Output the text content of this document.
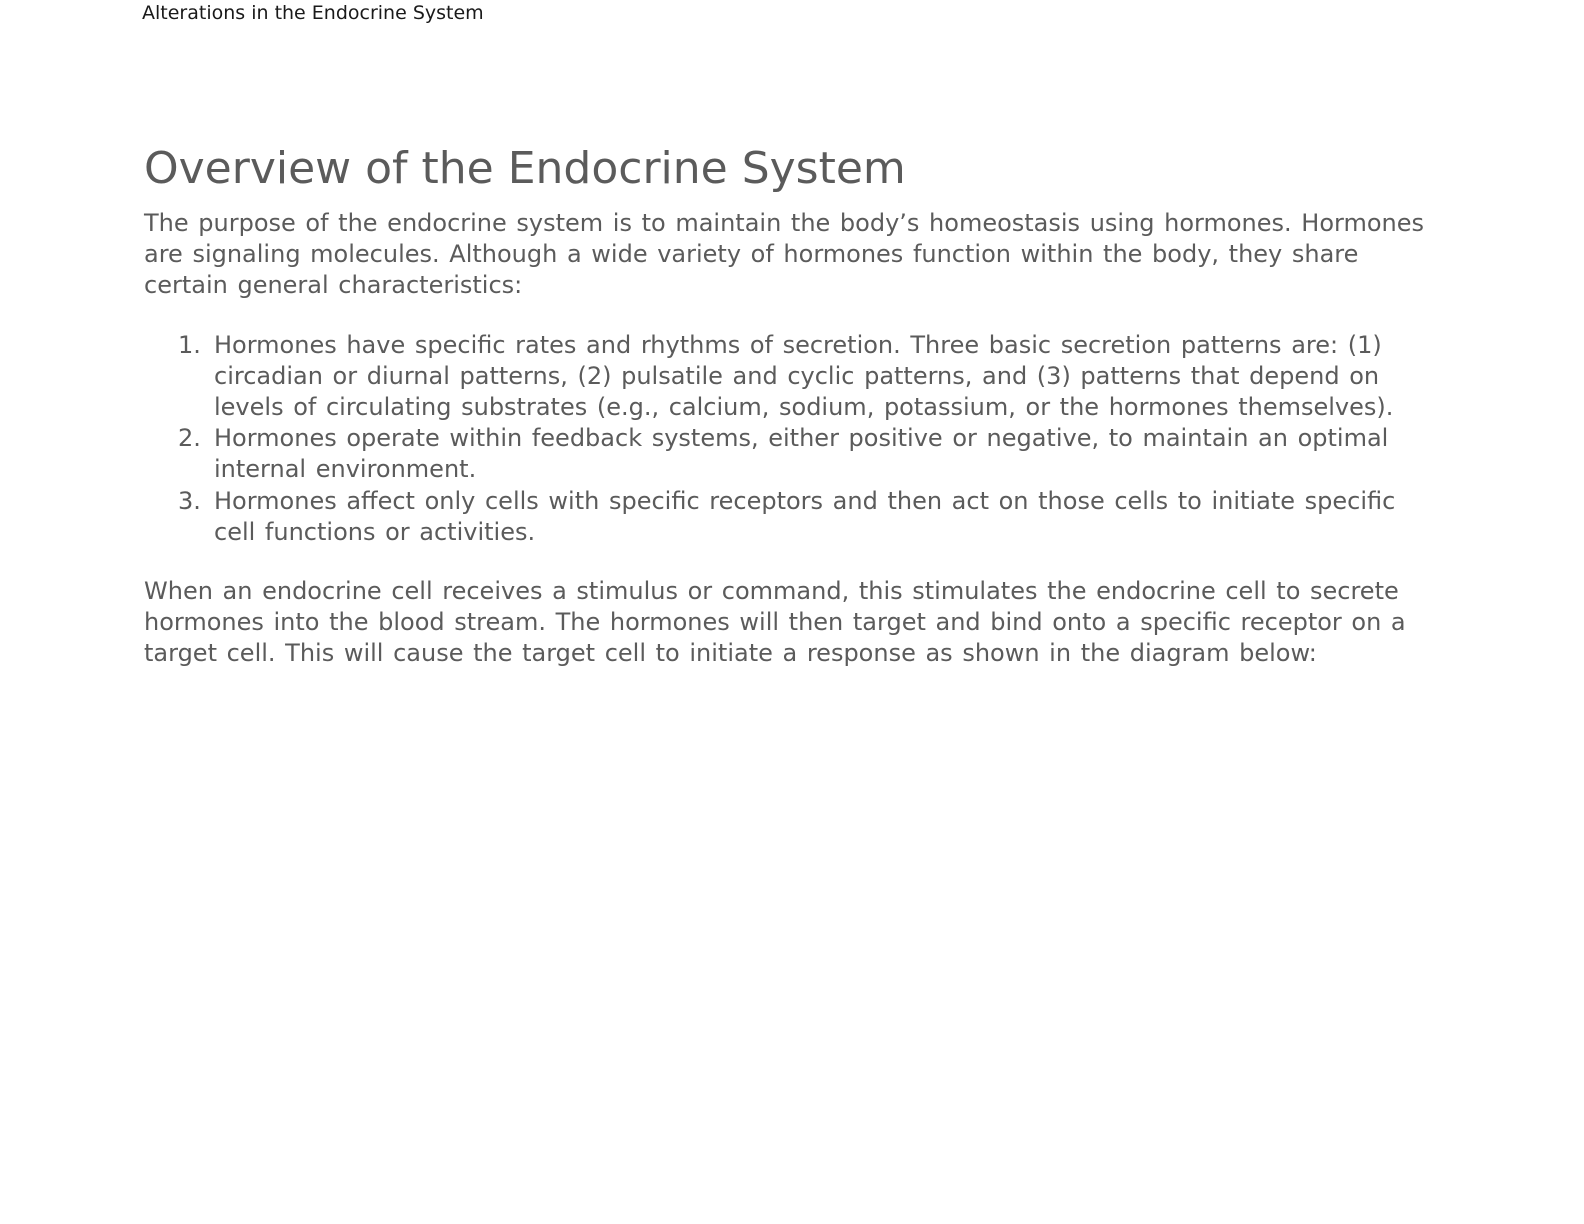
Alterations in the Endocrine System
Overview of the Endocrine System

The purpose of the endocrine system is to maintain the body’s homeostasis using hormones. Hormones are signaling molecules. Although a wide variety of hormones function within the body, they share certain general characteristics:

1. Hormones have specific rates and rhythms of secretion. Three basic secretion patterns are: (1) circadian or diurnal patterns, (2) pulsatile and cyclic patterns, and (3) patterns that depend on levels of circulating substrates (e.g., calcium, sodium, potassium, or the hormones themselves).
2. Hormones operate within feedback systems, either positive or negative, to maintain an optimal internal environment.
3. Hormones affect only cells with specific receptors and then act on those cells to initiate specific cell functions or activities.

When an endocrine cell receives a stimulus or command, this stimulates the endocrine cell to secrete hormones into the blood stream. The hormones will then target and bind onto a specific receptor on a target cell. This will cause the target cell to initiate a response as shown in the diagram below:
